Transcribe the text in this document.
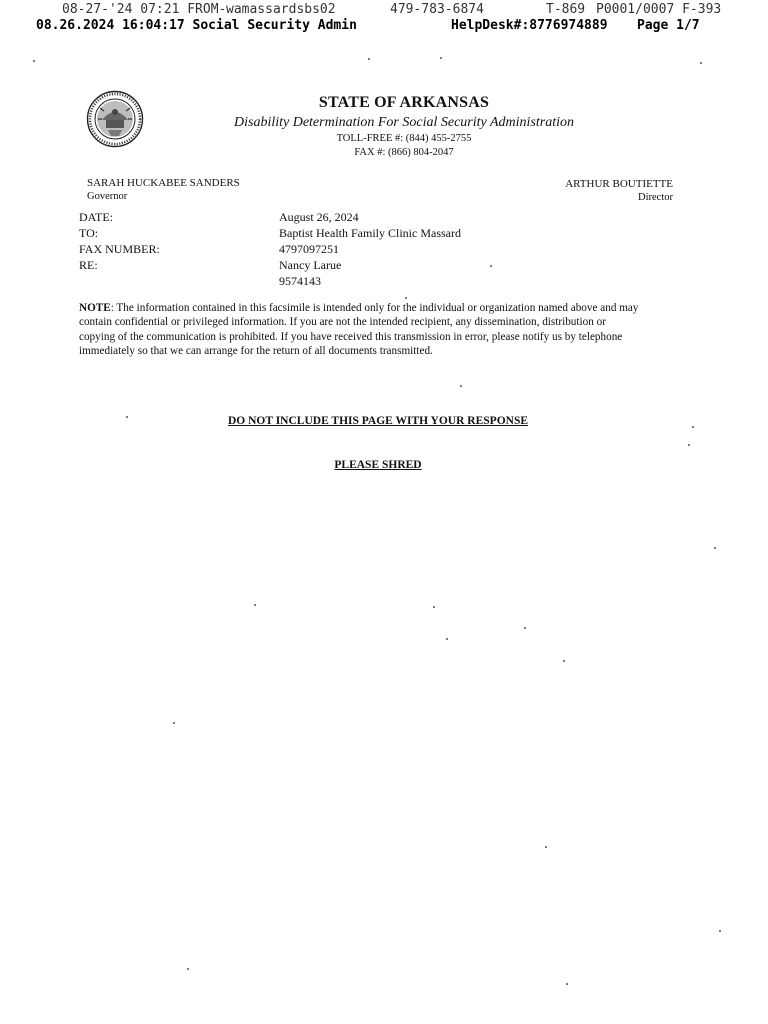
08-27-'24 07:21 FROM-

wamassardsbs02

	479-783-6874

	T-869

P0001/0007 F-393

08.26.2024 16:04:17 Social Security Admin

	HelpDesk#:8776974889

Page 1/7

STATE OF ARKANSAS
Disability Determination For Social Security Administration
TOLL-FREE #: (844) 455-2755
FAX #: (866) 804-2047
SARAH HUCKABEE SANDERS
Governor
ARTHUR BOUTIETTE
Director
DATE:	August 26, 2024
TO:	Baptist Health Family Clinic Massard
FAX NUMBER:	4797097251
RE:	Nancy Larue
9574143
NOTE: The information contained in this facsimile is intended only for the individual or organization named above and may
contain confidential or privileged information. If you are not the intended recipient, any dissemination, distribution or
copying of the communication is prohibited. If you have received this transmission in error, please notify us by telephone
immediately so that we can arrange for the return of all documents transmitted.
DO NOT INCLUDE THIS PAGE WITH YOUR RESPONSE
PLEASE SHRED
